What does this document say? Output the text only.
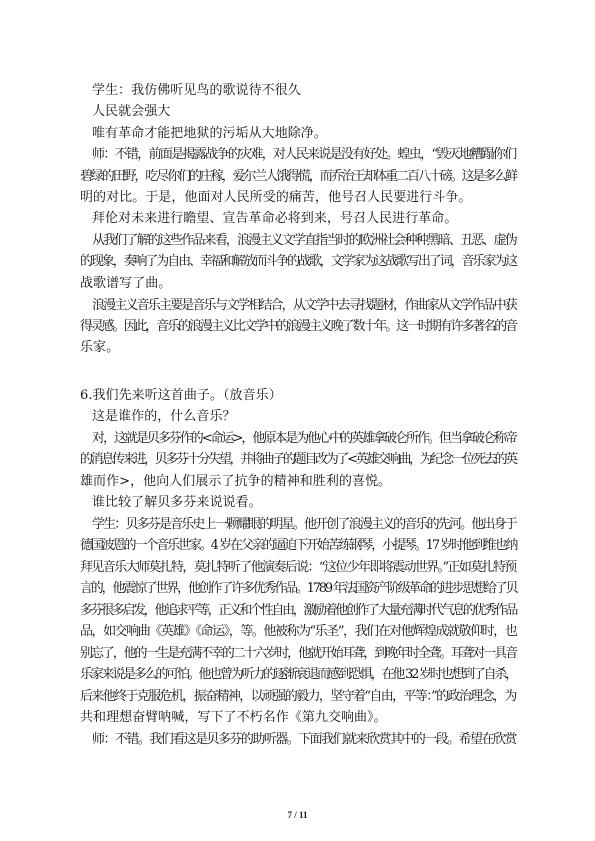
学生：我仿佛听见鸟的歌说待不很久

人民就会强大

唯有革命才能把地狱的污垢从大地除净。

师：不错，前面是揭露战争的灾难，对人民来说是没有好处。蝗虫，“毁灭地糟蹋你们

碧绿的田野，吃尽你们的庄稼，爱尔兰人饿得慌，而乔治王却体重二百八十磅。这是多么鲜

明的对比。于是，他面对人民所受的痛苦，他号召人民要进行斗争。

拜伦对未来进行瞻望、宣告革命必将到来，号召人民进行革命。

从我们了解的这些作品来看，浪漫主义文学直指当时的欧洲社会种种黑暗、丑恶、虚伪

的现象，奏响了为自由、幸福和解放而斗争的战歌，文学家为这战歌写出了词，音乐家为这

战歌谱写了曲。

浪漫主义音乐主要是音乐与文学相结合，从文学中去寻找题材，作曲家从文学作品中获

得灵感。因此，音乐的浪漫主义比文学中的浪漫主义晚了数十年。这一时期有许多著名的音

乐家。

6.我们先来听这首曲子。（放音乐）

这是谁作的，什么音乐？

对，这就是贝多芬作的<命运>，他原本是为他心中的英雄拿破仑所作。但当拿破仑称帝

的消息传来进，贝多芬十分失望，并将曲子的题目改为了<英雄交响曲，为纪念一位死去的英

雄而作>，他向人们展示了抗争的精神和胜利的喜悦。

谁比较了解贝多芬来说说看。

学生：贝多芬是音乐史上一颗耀眼的明星。他开创了浪漫主义的音乐的先河。他出身于

德国波恩的一个音乐世家。4 岁在父亲的逼迫下开始苦练钢琴，小提琴。17 岁时他到维也纳

拜见音乐大师莫扎特，莫扎特听了他演奏后说：“这位少年即将震动世界。”正如莫扎特预

言的，他震惊了世界，他创作了许多优秀作品。1789 年法国资产阶级革命的进步思想给了贝

多芬很多启发，他追求平等，正义和个性自由，激励着他创作了大量充满时代气息的优秀作品

品，如交响曲《英雄》《命运》，等。他被称为“乐圣”，我们在对他辉煌成就敬仰时，也

别忘了，他的一生是充满不幸的二十六岁时，他就开始耳聋，到晚年时全聋。耳聋对一具音

乐家来说是多么的可怕。他也曾为听力的逐渐衰退而感到恐惧，在他 32 岁时也想到了自杀，

后来他终于克服危机，振奋精神，以顽强的毅力，坚守着“自由，平等：”的政治理念，为

共和理想奋臂呐喊，写下了不朽名作《第九交响曲》。

师：不错。我们看这是贝多芬的助听器。下面我们就来欣赏其中的一段。希望在欣赏

7 / 11
